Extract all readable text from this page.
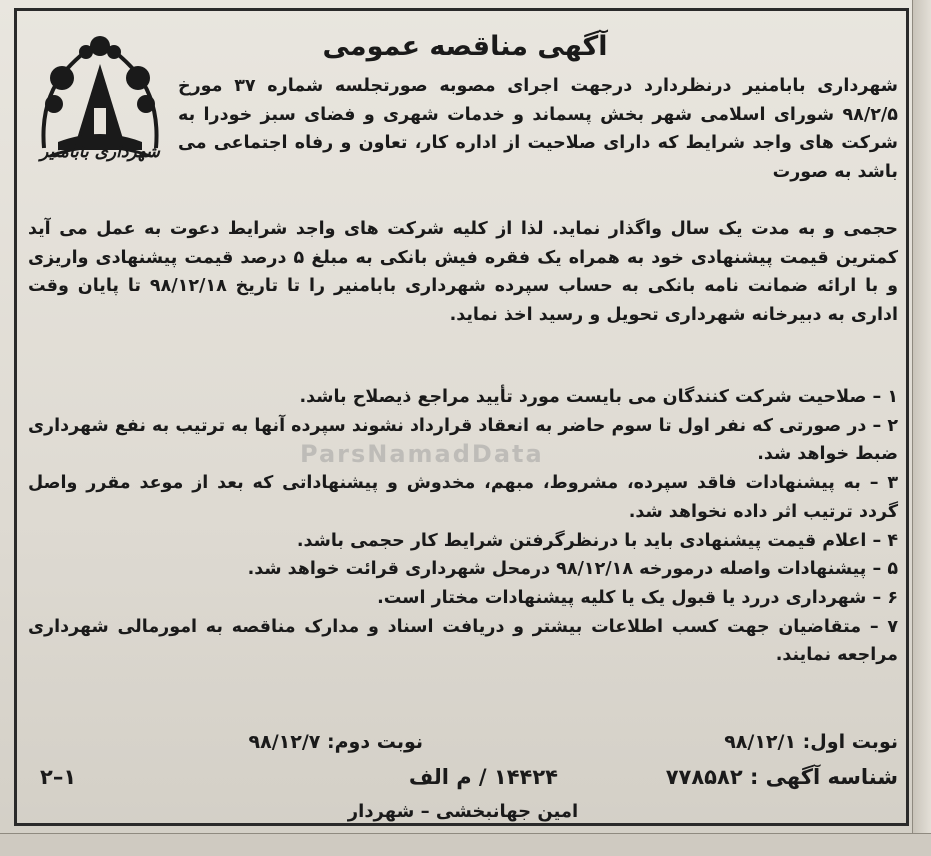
شهرداری بابامنیر
آگهی مناقصه عمومی

شهرداری بابامنیر درنظردارد درجهت اجرای مصوبه صورتجلسه شماره ۳۷ مورخ ۹۸/۲/۵ شورای اسلامی شهر بخش پسماند و خدمات شهری و فضای سبز خودرا به شرکت های واجد شرایط که دارای صلاحیت از اداره کار، تعاون و رفاه اجتماعی می باشد به صورت

حجمی و به مدت یک سال واگذار نماید. لذا از کلیه شرکت های واجد شرایط دعوت به عمل می آید کمترین قیمت پیشنهادی خود به همراه یک فقره فیش بانکی به مبلغ ۵ درصد قیمت پیشنهادی واریزی و با ارائه ضمانت نامه بانکی به حساب سپرده شهرداری بابامنیر را تا تاریخ ۹۸/۱۲/۱۸ تا پایان وقت اداری به دبیرخانه شهرداری تحویل و رسید اخذ نماید.

۱ – صلاحیت شرکت کنندگان می بایست مورد تأیید مراجع ذیصلاح باشد.

۲ – در صورتی که نفر اول تا سوم حاضر به انعقاد قرارداد نشوند سپرده آنها به ترتیب به نفع شهرداری ضبط خواهد شد.

۳ – به پیشنهادات فاقد سپرده، مشروط، مبهم، مخدوش و پیشنهاداتی که بعد از موعد مقرر واصل گردد ترتیب اثر داده نخواهد شد.

۴ – اعلام قیمت پیشنهادی باید با درنظرگرفتن شرایط کار حجمی باشد.

۵ – پیشنهادات واصله درمورخه ۹۸/۱۲/۱۸ درمحل شهرداری قرائت خواهد شد.

۶ – شهرداری دررد یا قبول یک یا کلیه پیشنهادات مختار است.

۷ – متقاضیان جهت کسب اطلاعات بیشتر و دریافت اسناد و مدارک مناقصه به امورمالی شهرداری مراجعه نمایند.

ParsNamadData
نوبت اول: ۹۸/۱۲/۱
نوبت دوم: ۹۸/۱۲/۷
شناسه آگهی : ۷۷۸۵۸۲
۱۴۴۲۴ / م الف
۱–۲
امین جهانبخشی – شهردار
